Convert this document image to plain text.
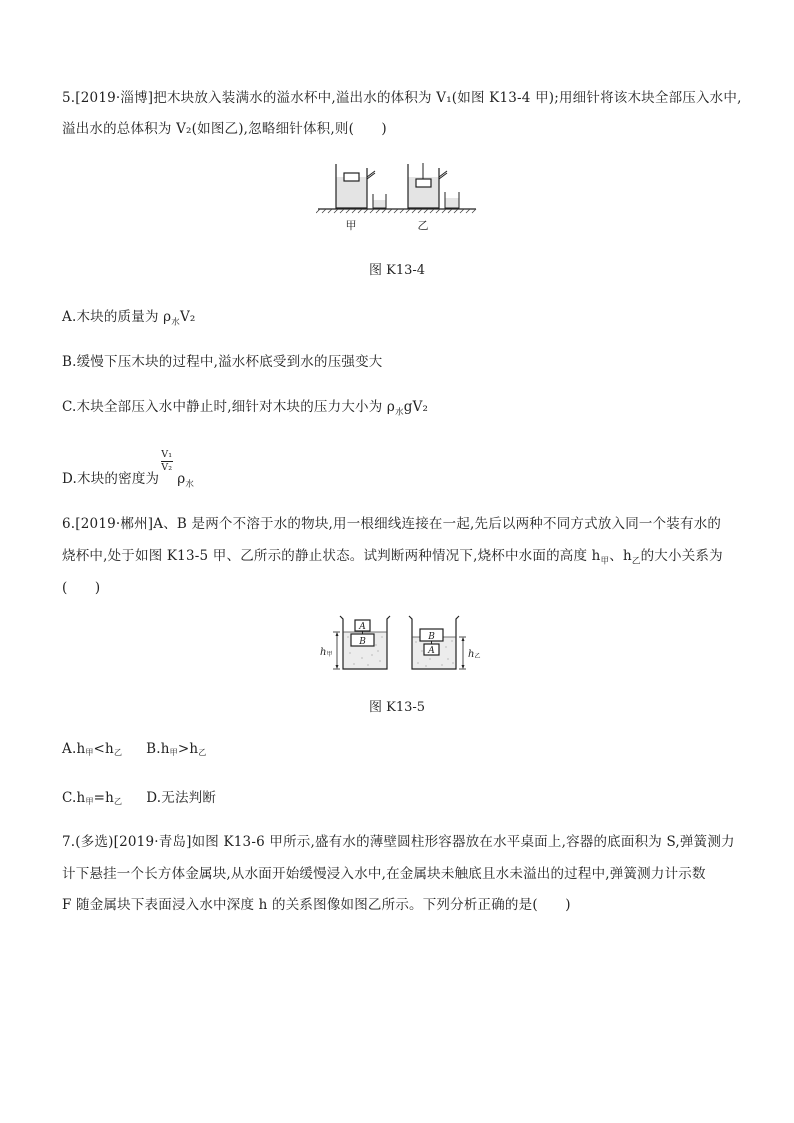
5.[2019·淄博]把木块放入装满水的溢水杯中,溢出水的体积为 V₁(如图 K13-4 甲);用细针将该木块全部压入水中,
溢出水的总体积为 V₂(如图乙),忽略细针体积,则(　　)
甲	乙
图 K13-4
A.木块的质量为 $\rho_水V_2$
B.缓慢下压木块的过程中,溢水杯底受到水的压强变大
C.木块全部压入水中静止时,细针对木块的压力大小为 $\rho_水gV_2$
D.木块的密度为 $\frac{\text{V₁}}{\text{V₂}} \rho_水$
6.[2019·郴州]A、B 是两个不溶于水的物块,用一根细线连接在一起,先后以两种不同方式放入同一个装有水的
烧杯中,处于如图 K13-5 甲、乙所示的静止状态。试判断两种情况下,烧杯中水面的高度 $h_甲$、$h_乙$的大小关系为
(　　)
A
B
h甲
B
A	h乙
图 K13-5
A.h甲<h乙 B.h甲>h乙
C.h甲=h乙 D.无法判断
7.(多选)[2019·青岛]如图 K13-6 甲所示,盛有水的薄壁圆柱形容器放在水平桌面上,容器的底面积为 S,弹簧测力
计下悬挂一个长方体金属块,从水面开始缓慢浸入水中,在金属块未触底且水未溢出的过程中,弹簧测力计示数
F 随金属块下表面浸入水中深度 h 的关系图像如图乙所示。下列分析正确的是(　　)
